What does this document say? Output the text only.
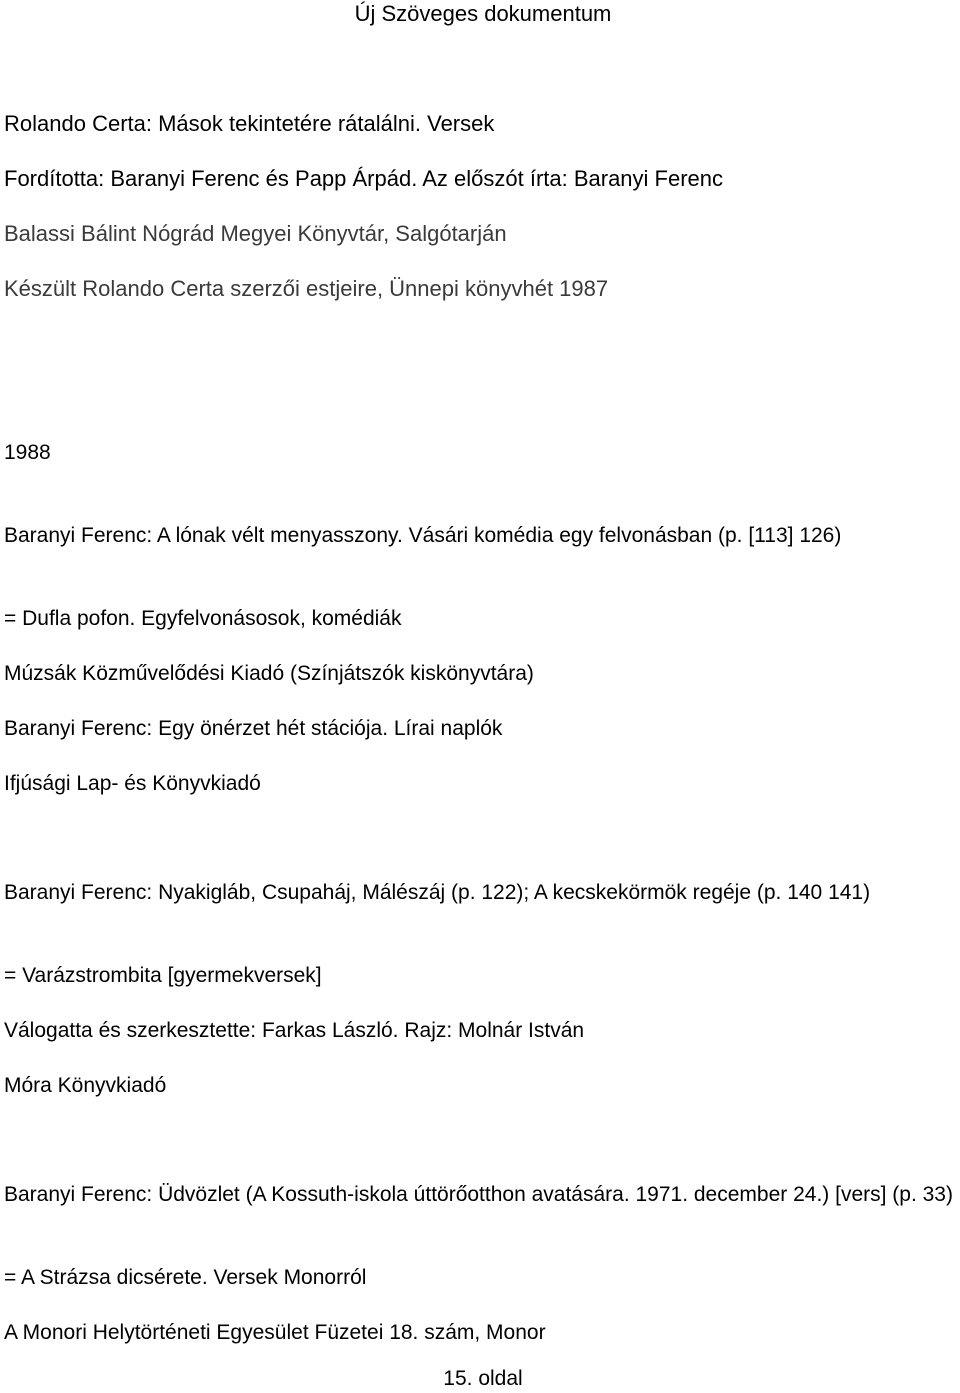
Új Szöveges dokumentum
Rolando Certa: Mások tekintetére rátalálni. Versek
Fordította: Baranyi Ferenc és Papp Árpád. Az előszót írta: Baranyi Ferenc
Balassi Bálint Nógrád Megyei Könyvtár, Salgótarján
Készült Rolando Certa szerzői estjeire, Ünnepi könyvhét 1987
1988
Baranyi Ferenc: A lónak vélt menyasszony. Vásári komédia egy felvonásban (p. [113] 126)
= Dufla pofon. Egyfelvonásosok, komédiák
Múzsák Közművelődési Kiadó (Színjátszók kiskönyvtára)
Baranyi Ferenc: Egy önérzet hét stációja. Lírai naplók
Ifjúsági Lap- és Könyvkiadó
Baranyi Ferenc: Nyakigláb, Csupaháj, Málészáj (p. 122); A kecskekörmök regéje (p. 140 141)
= Varázstrombita [gyermekversek]
Válogatta és szerkesztette: Farkas László. Rajz: Molnár István
Móra Könyvkiadó
Baranyi Ferenc: Üdvözlet (A Kossuth-iskola úttörőotthon avatására. 1971. december 24.) [vers] (p. 33)
= A Strázsa dicsérete. Versek Monorról
A Monori Helytörténeti Egyesület Füzetei 18. szám, Monor
15. oldal
